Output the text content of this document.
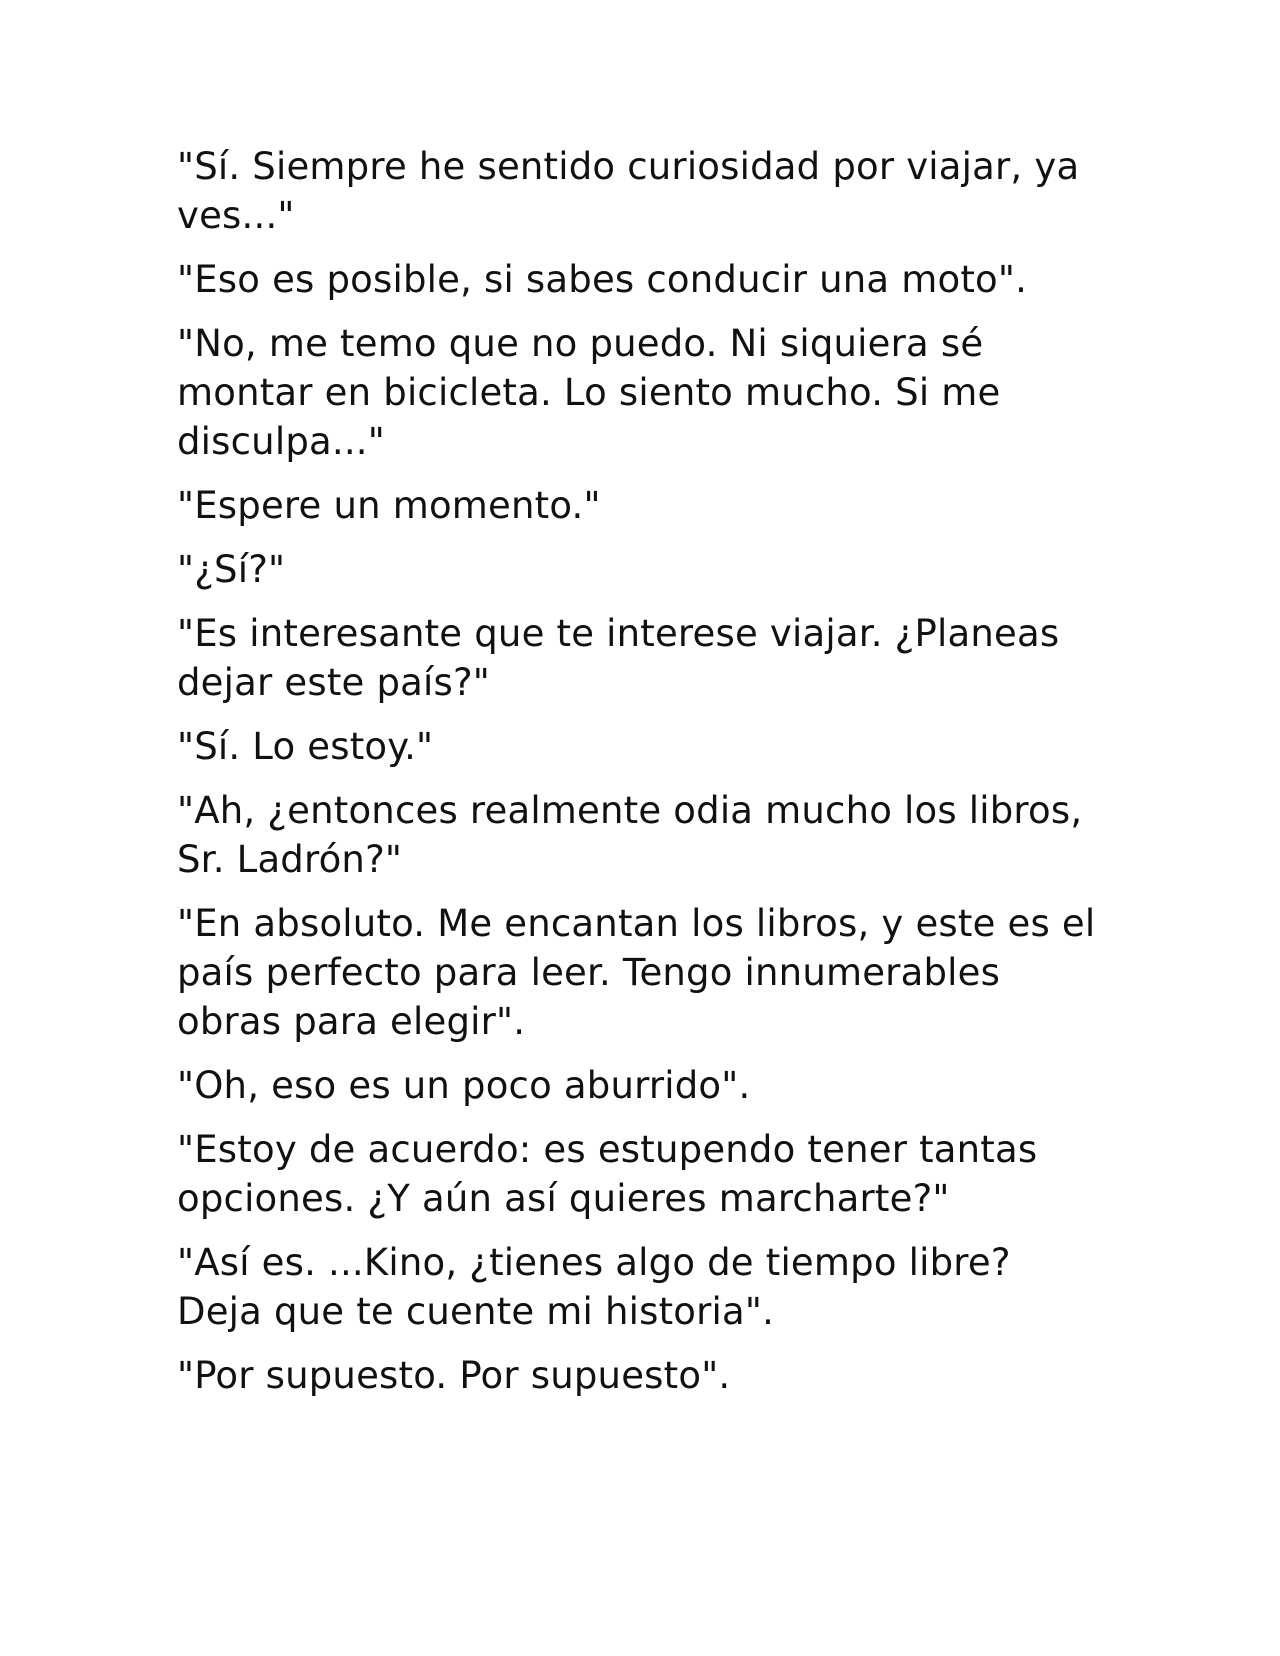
"Sí. Siempre he sentido curiosidad por viajar, ya ves..."

"Eso es posible, si sabes conducir una moto".

"No, me temo que no puedo. Ni siquiera sé montar en bicicleta. Lo siento mucho. Si me disculpa..."

"Espere un momento."

"¿Sí?"

"Es interesante que te interese viajar. ¿Planeas dejar este país?"

"Sí. Lo estoy."

"Ah, ¿entonces realmente odia mucho los libros, Sr. Ladrón?"

"En absoluto. Me encantan los libros, y este es el país perfecto para leer. Tengo innumerables obras para elegir".

"Oh, eso es un poco aburrido".

"Estoy de acuerdo: es estupendo tener tantas opciones. ¿Y aún así quieres marcharte?"

"Así es. ...Kino, ¿tienes algo de tiempo libre? Deja que te cuente mi historia".

"Por supuesto. Por supuesto".
